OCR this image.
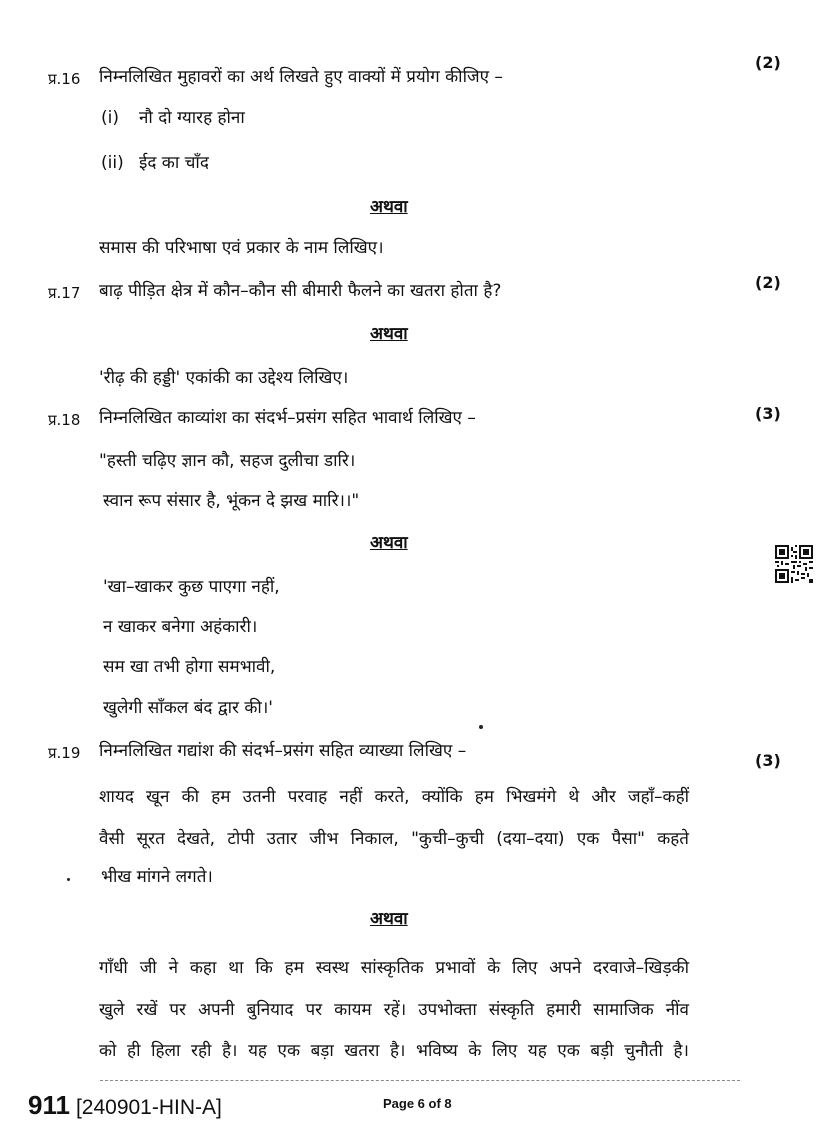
प्र.16 निम्नलिखित मुहावरों का अर्थ लिखते हुए वाक्यों में प्रयोग कीजिए –
(2)
(i) नौ दो ग्यारह होना
(ii) ईद का चाँद
अथवा
समास की परिभाषा एवं प्रकार के नाम लिखिए।
प्र.17 बाढ़ पीड़ित क्षेत्र में कौन–कौन सी बीमारी फैलने का खतरा होता है?	(2)
अथवा
'रीढ़ की हड्डी' एकांकी का उद्देश्य लिखिए।
प्र.18 निम्नलिखित काव्यांश का संदर्भ–प्रसंग सहित भावार्थ लिखिए –	(3)
"हस्ती चढ़िए ज्ञान कौ, सहज दुलीचा डारि।
स्वान रूप संसार है, भूंकन दे झख मारि।।"
अथवा
'खा–खाकर कुछ पाएगा नहीं,
न खाकर बनेगा अहंकारी।
सम खा तभी होगा समभावी,
खुलेगी साँकल बंद द्वार की।'
प्र.19 निम्नलिखित गद्यांश की संदर्भ–प्रसंग सहित व्याख्या लिखिए –	(3)
शायद खून की हम उतनी परवाह नहीं करते, क्योंकि हम भिखमंगे थे और जहाँ–कहीं
वैसी सूरत देखते, टोपी उतार जीभ निकाल, "कुची–कुची (दया–दया) एक पैसा" कहते
भीख मांगने लगते।
अथवा
गाँधी जी ने कहा था कि हम स्वस्थ सांस्कृतिक प्रभावों के लिए अपने दरवाजे–खिड़की
खुले रखें पर अपनी बुनियाद पर कायम रहें। उपभोक्ता संस्कृति हमारी सामाजिक नींव
को ही हिला रही है। यह एक बड़ा खतरा है। भविष्य के लिए यह एक बड़ी चुनौती है।
911 [240901-HIN-A]	Page 6 of 8
